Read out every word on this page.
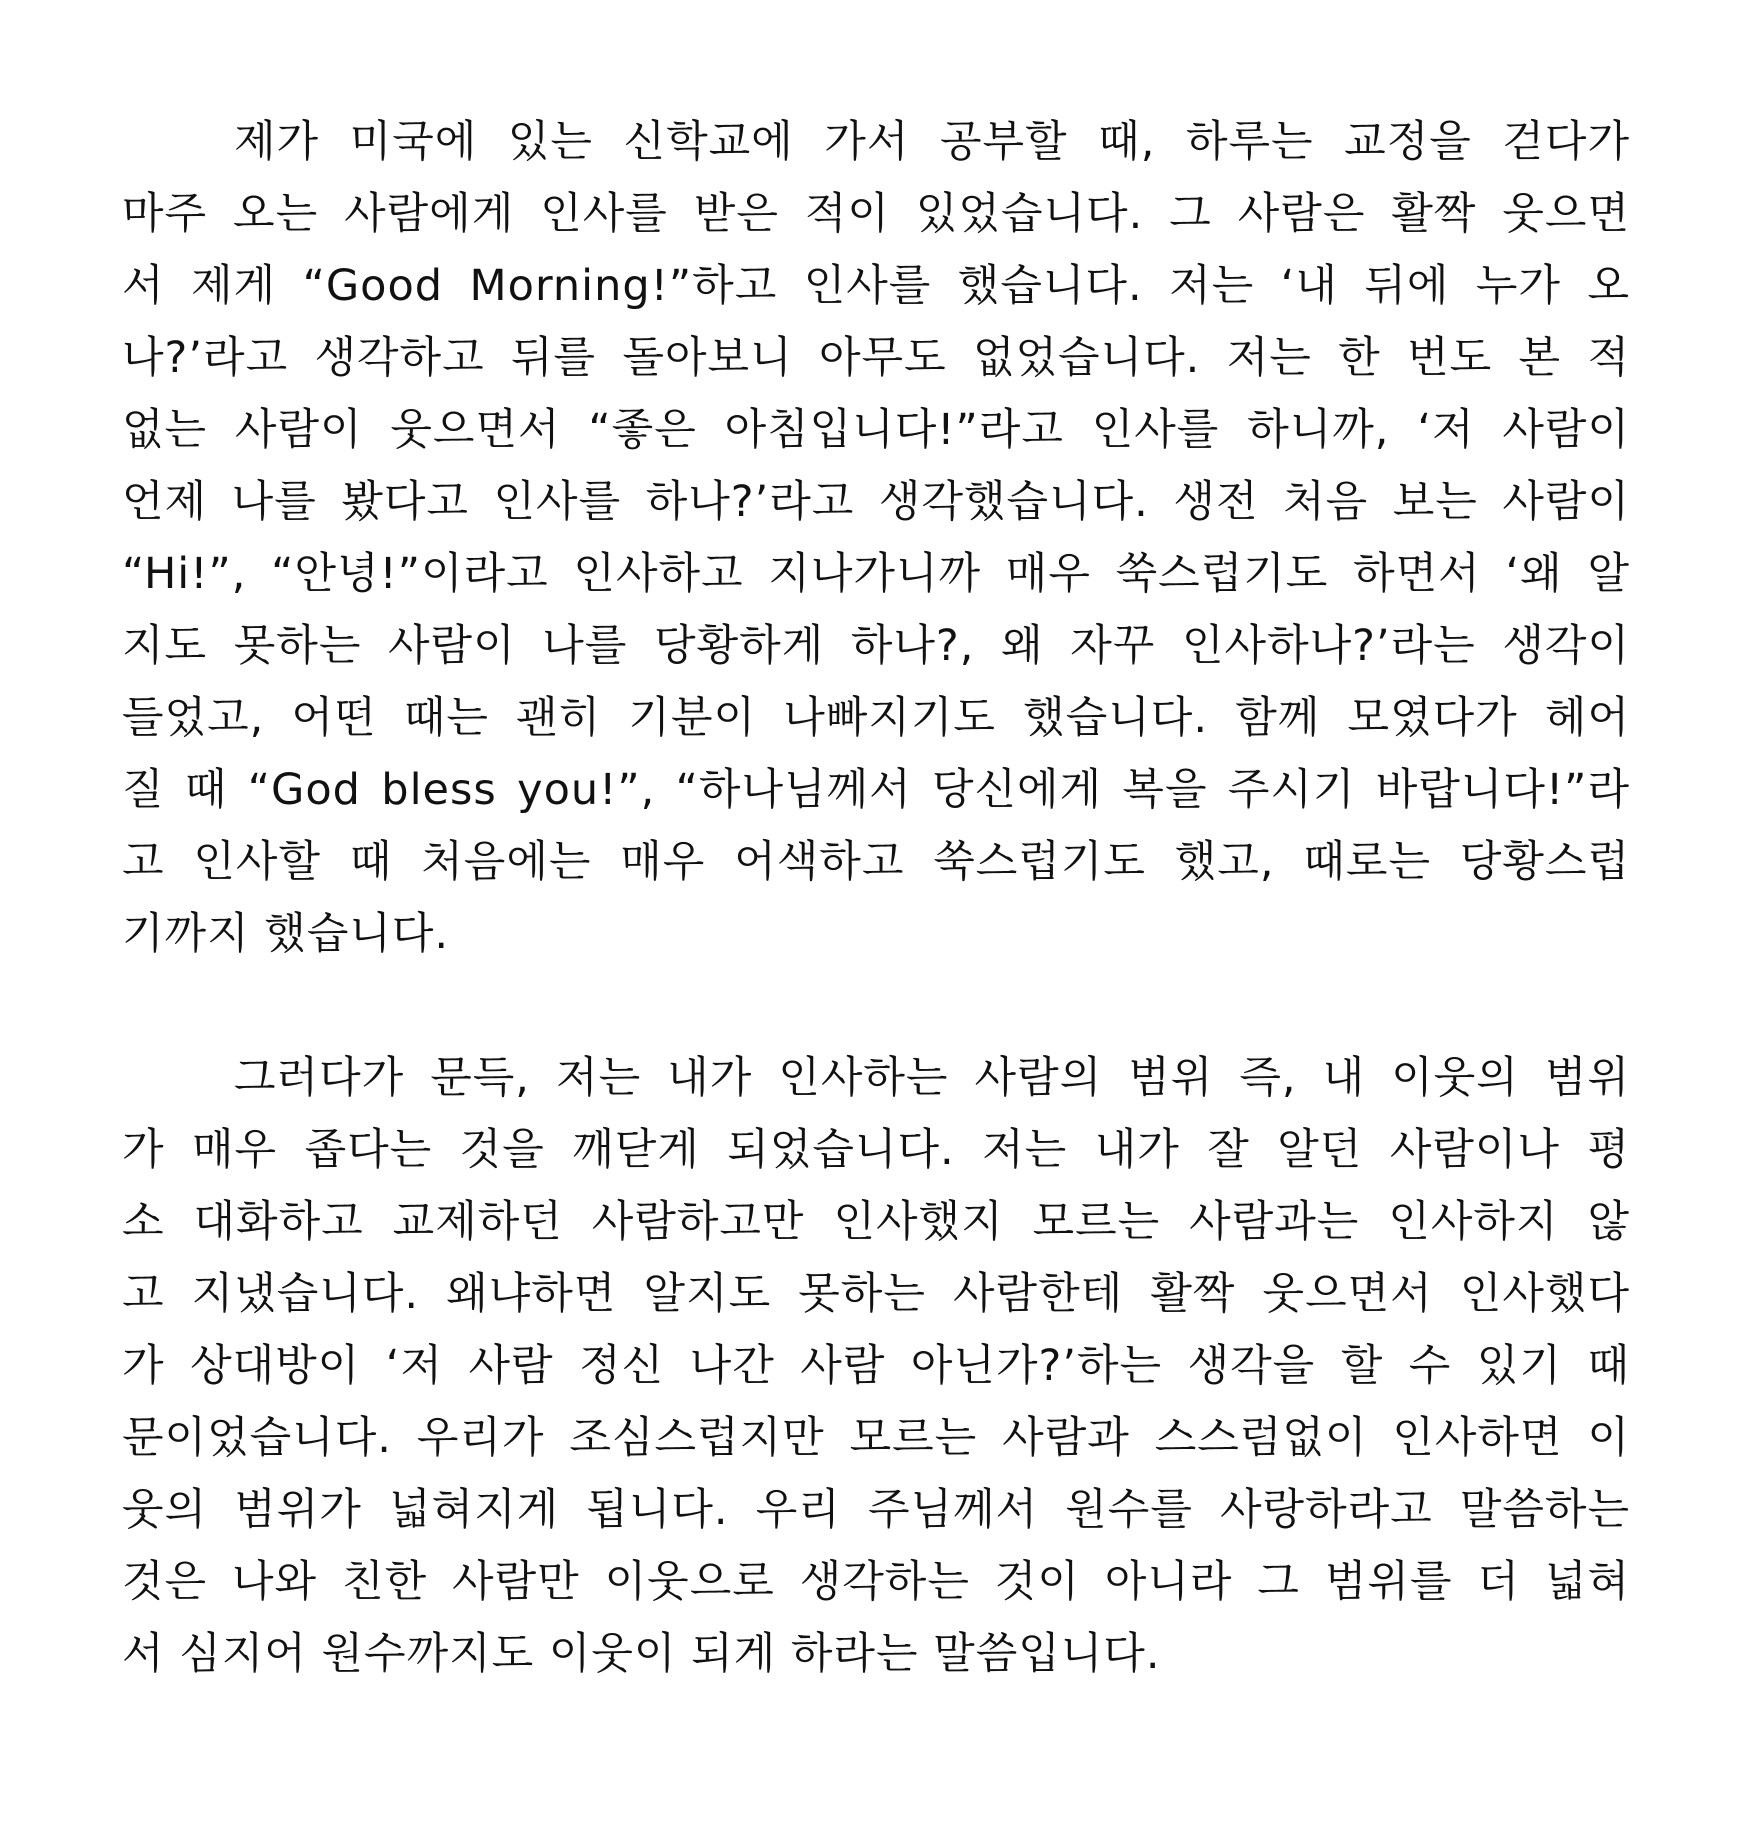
제가 미국에 있는 신학교에 가서 공부할 때, 하루는 교정을 걷다가
마주 오는 사람에게 인사를 받은 적이 있었습니다. 그 사람은 활짝 웃으면
서 제게 “Good Morning!”하고 인사를 했습니다. 저는 ‘내 뒤에 누가 오
나?’라고 생각하고 뒤를 돌아보니 아무도 없었습니다. 저는 한 번도 본 적
없는 사람이 웃으면서 “좋은 아침입니다!”라고 인사를 하니까, ‘저 사람이
언제 나를 봤다고 인사를 하나?’라고 생각했습니다. 생전 처음 보는 사람이
“Hi!”, “안녕!”이라고 인사하고 지나가니까 매우 쑥스럽기도 하면서 ‘왜 알
지도 못하는 사람이 나를 당황하게 하나?, 왜 자꾸 인사하나?’라는 생각이
들었고, 어떤 때는 괜히 기분이 나빠지기도 했습니다. 함께 모였다가 헤어
질 때 “God bless you!”, “하나님께서 당신에게 복을 주시기 바랍니다!”라
고 인사할 때 처음에는 매우 어색하고 쑥스럽기도 했고, 때로는 당황스럽
기까지 했습니다.
그러다가 문득, 저는 내가 인사하는 사람의 범위 즉, 내 이웃의 범위
가 매우 좁다는 것을 깨닫게 되었습니다. 저는 내가 잘 알던 사람이나 평
소 대화하고 교제하던 사람하고만 인사했지 모르는 사람과는 인사하지 않
고 지냈습니다. 왜냐하면 알지도 못하는 사람한테 활짝 웃으면서 인사했다
가 상대방이 ‘저 사람 정신 나간 사람 아닌가?’하는 생각을 할 수 있기 때
문이었습니다. 우리가 조심스럽지만 모르는 사람과 스스럼없이 인사하면 이
웃의 범위가 넓혀지게 됩니다. 우리 주님께서 원수를 사랑하라고 말씀하는
것은 나와 친한 사람만 이웃으로 생각하는 것이 아니라 그 범위를 더 넓혀
서 심지어 원수까지도 이웃이 되게 하라는 말씀입니다.
